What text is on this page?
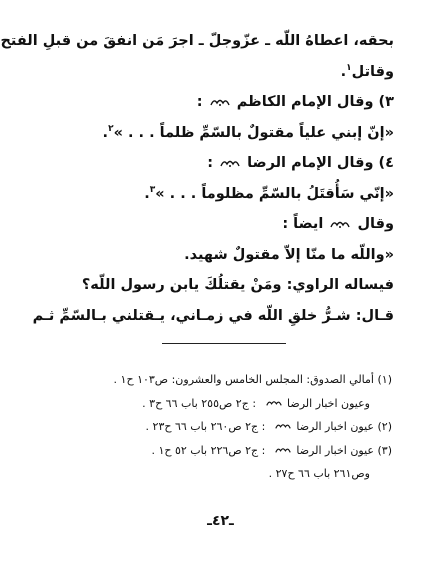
بحقه، اعطاهُ اللّه ـ عزّوجلّ ـ اجرَ مَن انفقَ من قبلِ الفتح
وقاتل$^١$.
٣) وقال الإمام الكاظم
:
«إنّ إبني علياً مقتولٌ بالسّمِّ ظلماً . . . »$^٢$.
٤) وقال الإمام الرضا
:
«إنّي سَأُقتَلُ بالسّمِّ مظلوماً . . . »$^٣$.
وقال
ايضاً :
«واللّه ما منّا إلاّ مقتولٌ شهيد.
فيساله الراوي: ومَنْ يقتلُكَ يابن رسول اللّه؟
قـال: شـرُّ خلقِ اللّه في زمـاني، يـقتلني بـالسّمِّ ثـم
(١) أمالي الصدوق: المجلس الخامس والعشرون: ص١٠٣ ح١ .
وعيون اخبار الرضا
: ج٢ ص٢٥٥ باب ٦٦ ح٣ .
(٢) عيون اخبار الرضا
: ج٢ ص٢٦٠ باب ٦٦ ح٢٣ .
(٣) عيون اخبار الرضا
: ج٢ ص٢٢٦ باب ٥٢ ح١ .
وص٢٦١ باب ٦٦ ح٢٧ .
ـ٤٢ـ
